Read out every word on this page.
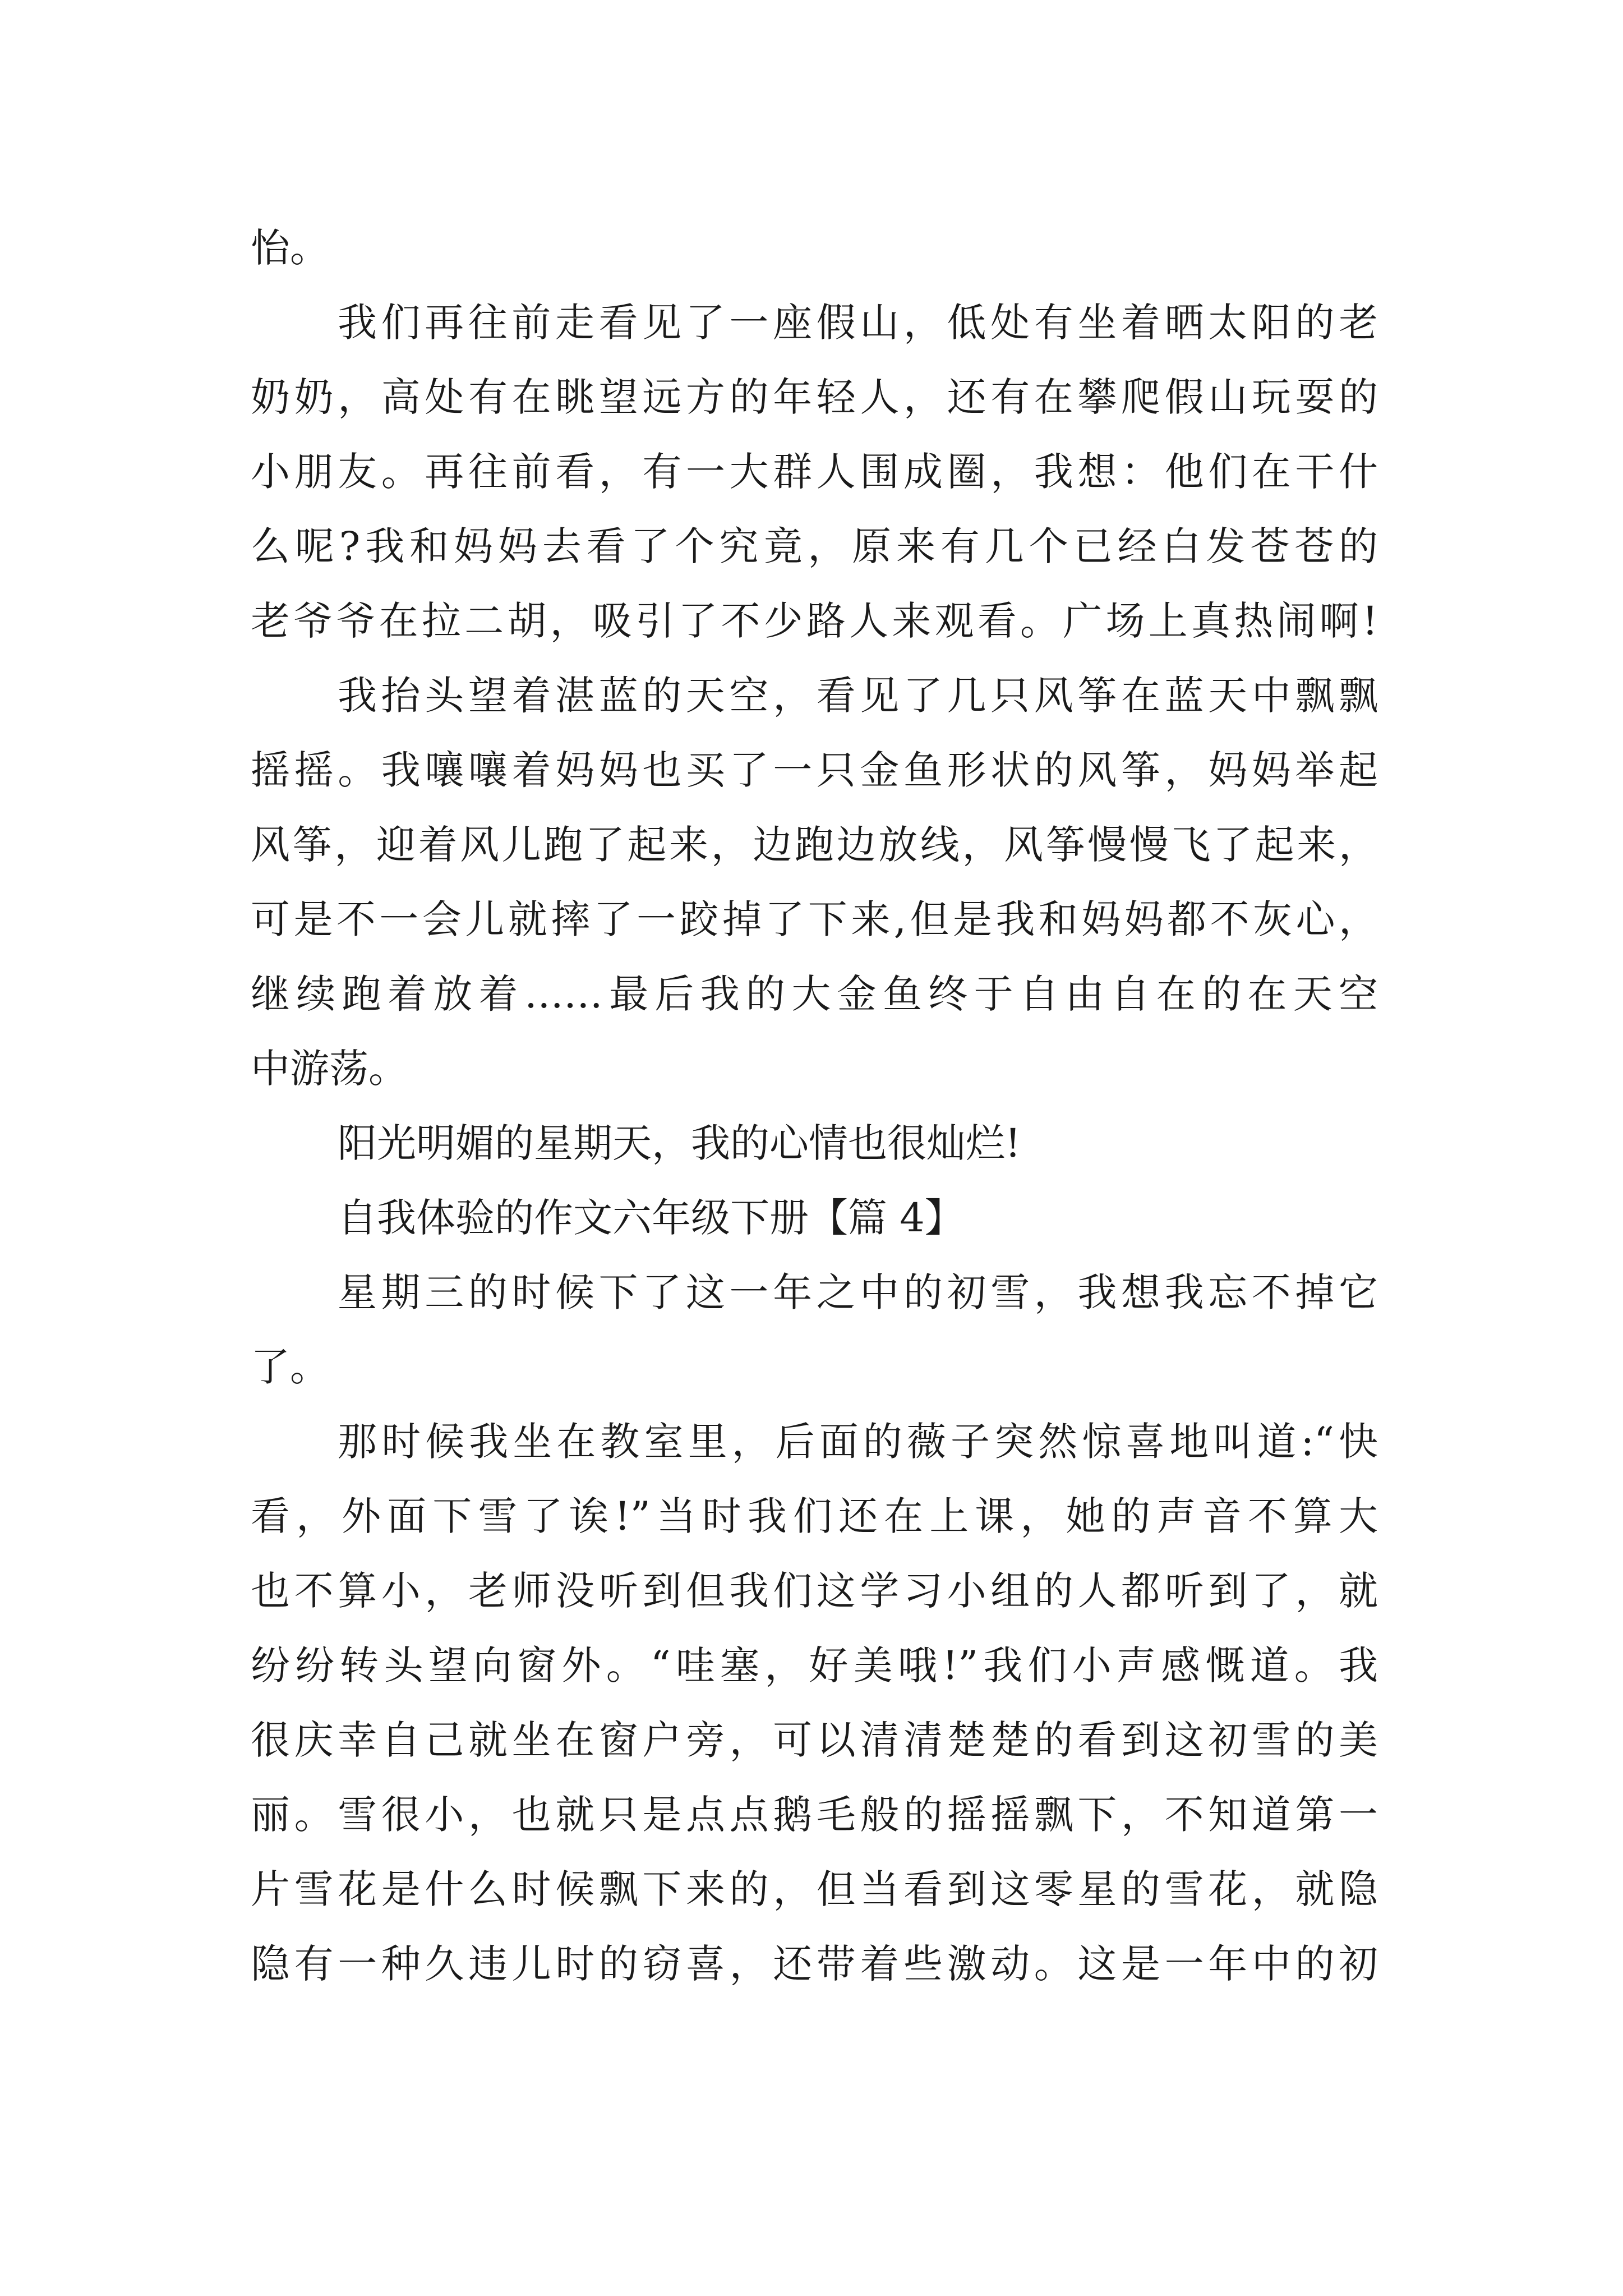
怡。
我们再往前走看见了一座假山，低处有坐着晒太阳的老
奶奶，高处有在眺望远方的年轻人，还有在攀爬假山玩耍的
小朋友。再往前看，有一大群人围成圈，我想：他们在干什
么呢?我和妈妈去看了个究竟，原来有几个已经白发苍苍的
老爷爷在拉二胡，吸引了不少路人来观看。广场上真热闹啊!
我抬头望着湛蓝的天空，看见了几只风筝在蓝天中飘飘
摇摇。我嚷嚷着妈妈也买了一只金鱼形状的风筝，妈妈举起
风筝，迎着风儿跑了起来，边跑边放线，风筝慢慢飞了起来，
可是不一会儿就摔了一跤掉了下来,但是我和妈妈都不灰心，
继续跑着放着……最后我的大金鱼终于自由自在的在天空
中游荡。
阳光明媚的星期天，我的心情也很灿烂!
自我体验的作文六年级下册【篇 4】
星期三的时候下了这一年之中的初雪，我想我忘不掉它
了。
那时候我坐在教室里，后面的薇子突然惊喜地叫道:“快
看，外面下雪了诶!”当时我们还在上课，她的声音不算大
也不算小，老师没听到但我们这学习小组的人都听到了，就
纷纷转头望向窗外。“哇塞，好美哦!”我们小声感慨道。我
很庆幸自己就坐在窗户旁，可以清清楚楚的看到这初雪的美
丽。雪很小，也就只是点点鹅毛般的摇摇飘下，不知道第一
片雪花是什么时候飘下来的，但当看到这零星的雪花，就隐
隐有一种久违儿时的窃喜，还带着些激动。这是一年中的初
